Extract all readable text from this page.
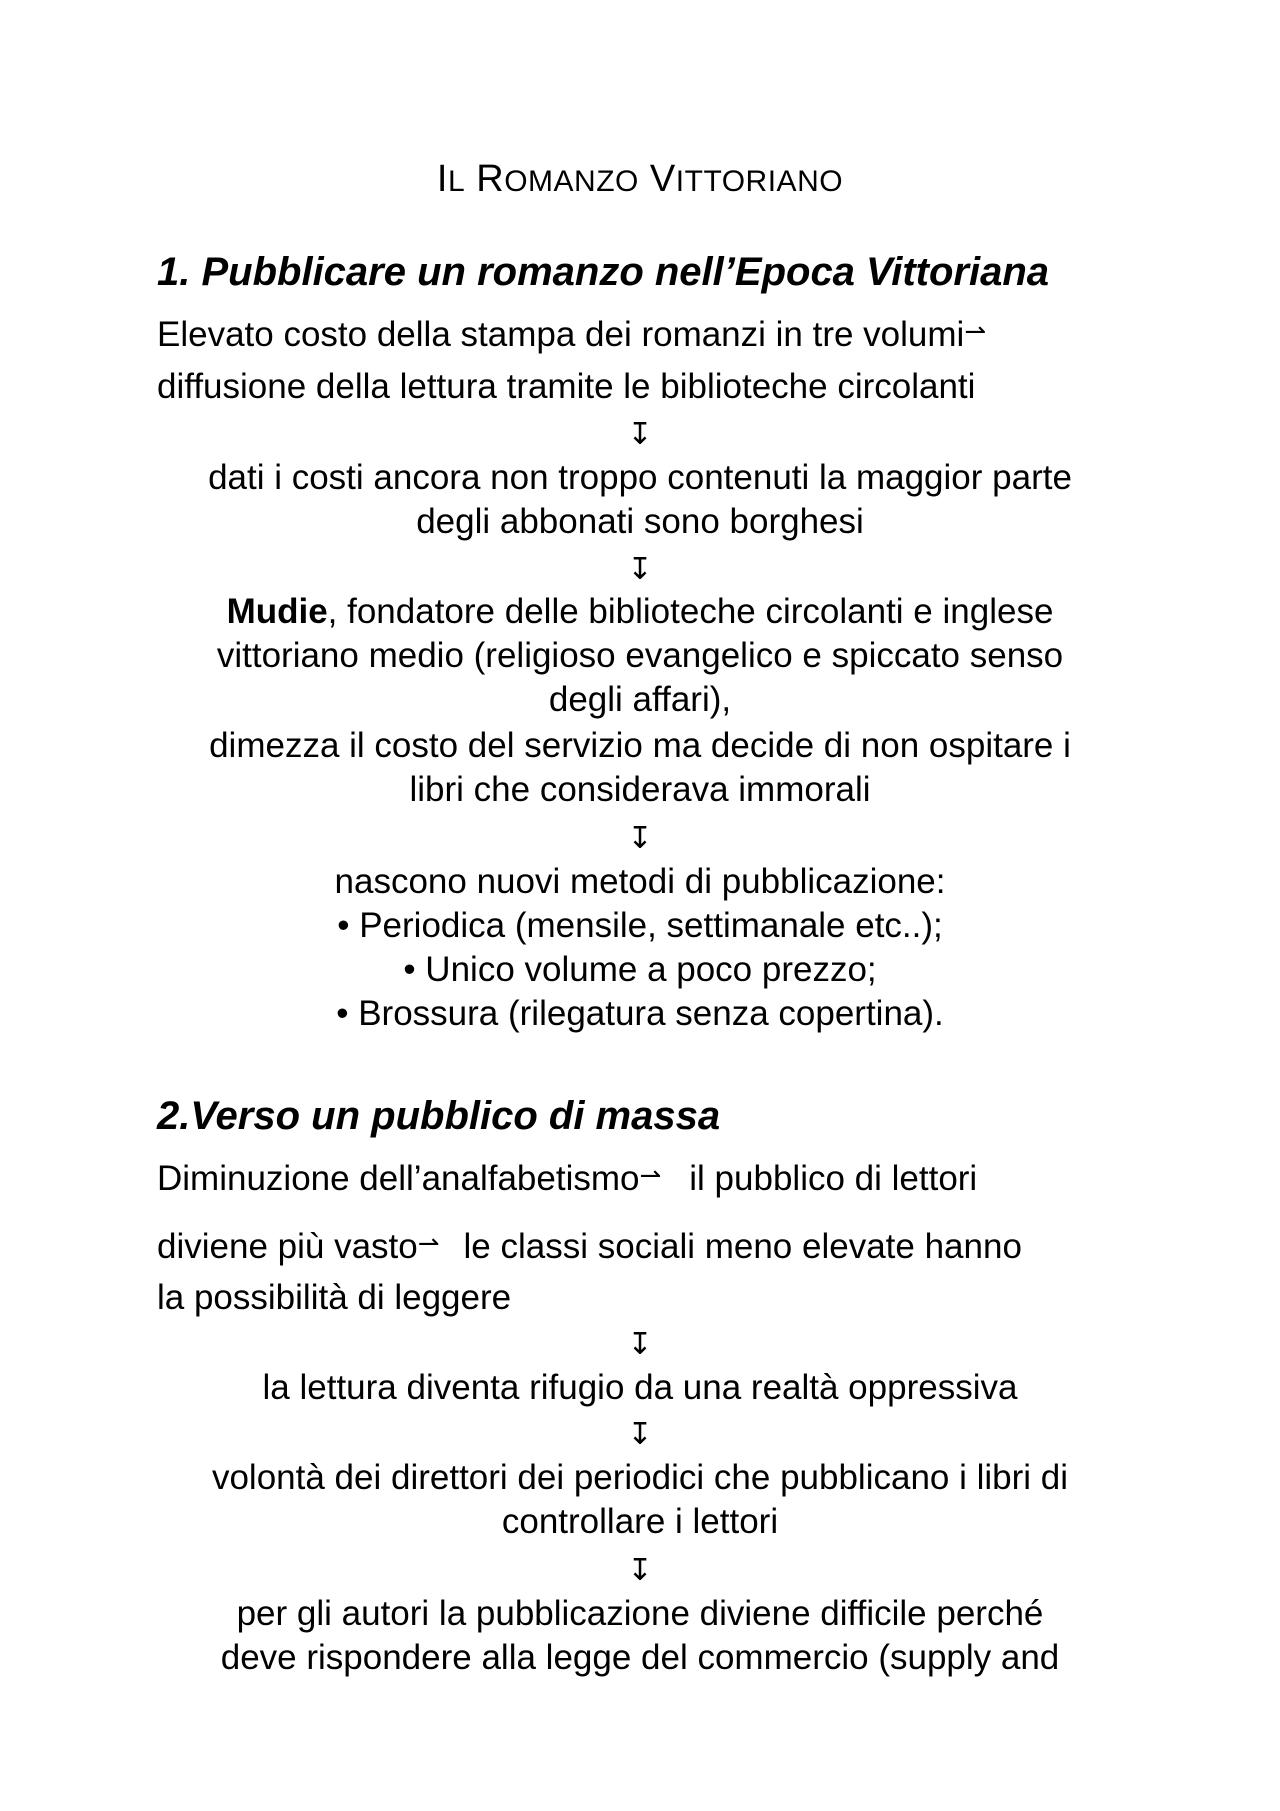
IL ROMANZO VITTORIANO
1. Pubblicare un romanzo nell’Epoca Vittoriana
Elevato costo della stampa dei romanzi in tre volumi⇀
diffusione della lettura tramite le biblioteche circolanti
↧
dati i costi ancora non troppo contenuti la maggior parte
degli abbonati sono borghesi
↧
Mudie, fondatore delle biblioteche circolanti e inglese
vittoriano medio (religioso evangelico e spiccato senso
degli affari),
dimezza il costo del servizio ma decide di non ospitare i
libri che considerava immorali
↧
nascono nuovi metodi di pubblicazione:
• Periodica (mensile, settimanale etc..);
• Unico volume a poco prezzo;
• Brossura (rilegatura senza copertina).
2.Verso un pubblico di massa
Diminuzione dell’analfabetismo⇀ il pubblico di lettori
diviene più vasto⇀ le classi sociali meno elevate hanno
la possibilità di leggere
↧
la lettura diventa rifugio da una realtà oppressiva
↧
volontà dei direttori dei periodici che pubblicano i libri di
controllare i lettori
↧
per gli autori la pubblicazione diviene difficile perché
deve rispondere alla legge del commercio (supply and
